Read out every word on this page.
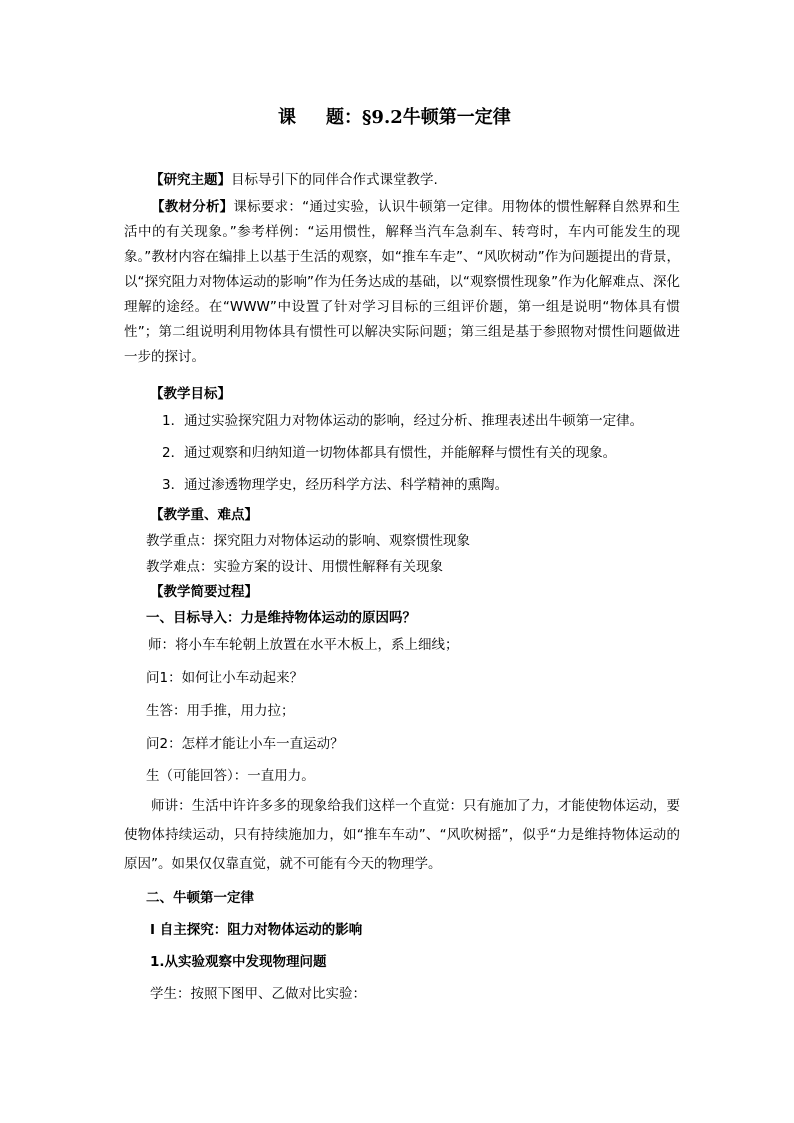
课 题：§9.2牛顿第一定律
【研究主题】目标导引下的同伴合作式课堂教学.
【教材分析】课标要求：“通过实验，认识牛顿第一定律。用物体的惯性解释自然界和生活中的有关现象。”参考样例：“运用惯性，解释当汽车急刹车、转弯时，车内可能发生的现象。”教材内容在编排上以基于生活的观察，如“推车车走”、“风吹树动”作为问题提出的背景，以“探究阻力对物体运动的影响”作为任务达成的基础，以“观察惯性现象”作为化解难点、深化理解的途经。在“WWW”中设置了针对学习目标的三组评价题，第一组是说明“物体具有惯性”；第二组说明利用物体具有惯性可以解决实际问题；第三组是基于参照物对惯性问题做进一步的探讨。
【教学目标】
1．通过实验探究阻力对物体运动的影响，经过分析、推理表述出牛顿第一定律。
2．通过观察和归纳知道一切物体都具有惯性，并能解释与惯性有关的现象。
3．通过渗透物理学史，经历科学方法、科学精神的熏陶。
【教学重、难点】
教学重点：探究阻力对物体运动的影响、观察惯性现象
教学难点：实验方案的设计、用惯性解释有关现象
【教学简要过程】
一、目标导入：力是维持物体运动的原因吗？
师：将小车车轮朝上放置在水平木板上，系上细线；
问1：如何让小车动起来？
生答：用手推，用力拉；
问2：怎样才能让小车一直运动？
生（可能回答）：一直用力。
师讲：生活中许许多多的现象给我们这样一个直觉：只有施加了力，才能使物体运动，要使物体持续运动，只有持续施加力，如“推车车动”、“风吹树摇”，似乎“力是维持物体运动的原因”。如果仅仅靠直觉，就不可能有今天的物理学。
二、牛顿第一定律
Ⅰ 自主探究：阻力对物体运动的影响
1.从实验观察中发现物理问题
学生：按照下图甲、乙做对比实验：
